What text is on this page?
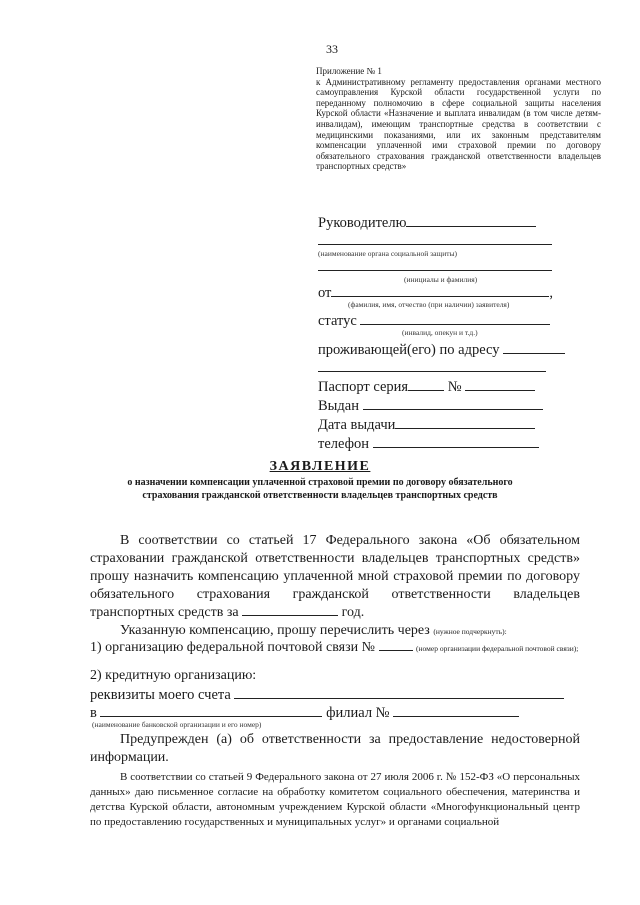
33
Приложение № 1
к Административному регламенту предоставления органами местного самоуправления Курской области государственной услуги по переданному полномочию в сфере социальной защиты населения Курской области «Назначение и выплата инвалидам (в том числе детям-инвалидам), имеющим транспортные средства в соответствии с медицинскими показаниями, или их законным представителям компенсации уплаченной ими страховой премии по договору обязательного страхования гражданской ответственности владельцев транспортных средств»
Руководителю
(наименование органа социальной защиты)
(инициалы и фамилия)
от	,
(фамилия, имя, отчество (при наличии) заявителя)
статус
(инвалид, опекун и т.д.)
проживающей(его) по адресу
Паспорт серия	№
Выдан
Дата выдачи
телефон
ЗАЯВЛЕНИЕ
о назначении компенсации уплаченной страховой премии по договору обязательного страхования гражданской ответственности владельцев транспортных средств
В соответствии со статьей 17 Федерального закона «Об обязательном страховании гражданской ответственности владельцев транспортных средств» прошу назначить компенсацию уплаченной мной страховой премии по договору обязательного страхования гражданской ответственности владельцев транспортных средств за	год.
Указанную компенсацию, прошу перечислить через (нужное подчеркнуть):
1) организацию федеральной почтовой связи №	(номер организации федеральной почтовой связи);
2) кредитную организацию:
реквизиты моего счета
в	филиал №
(наименование банковской организации и его номер)
Предупрежден (а) об ответственности за предоставление недостоверной информации.
В соответствии со статьей 9 Федерального закона от 27 июля 2006 г. № 152-ФЗ «О персональных данных» даю письменное согласие на обработку комитетом социального обеспечения, материнства и детства Курской области, автономным учреждением Курской области «Многофункциональный центр по предоставлению государственных и муниципальных услуг» и органами социальной
